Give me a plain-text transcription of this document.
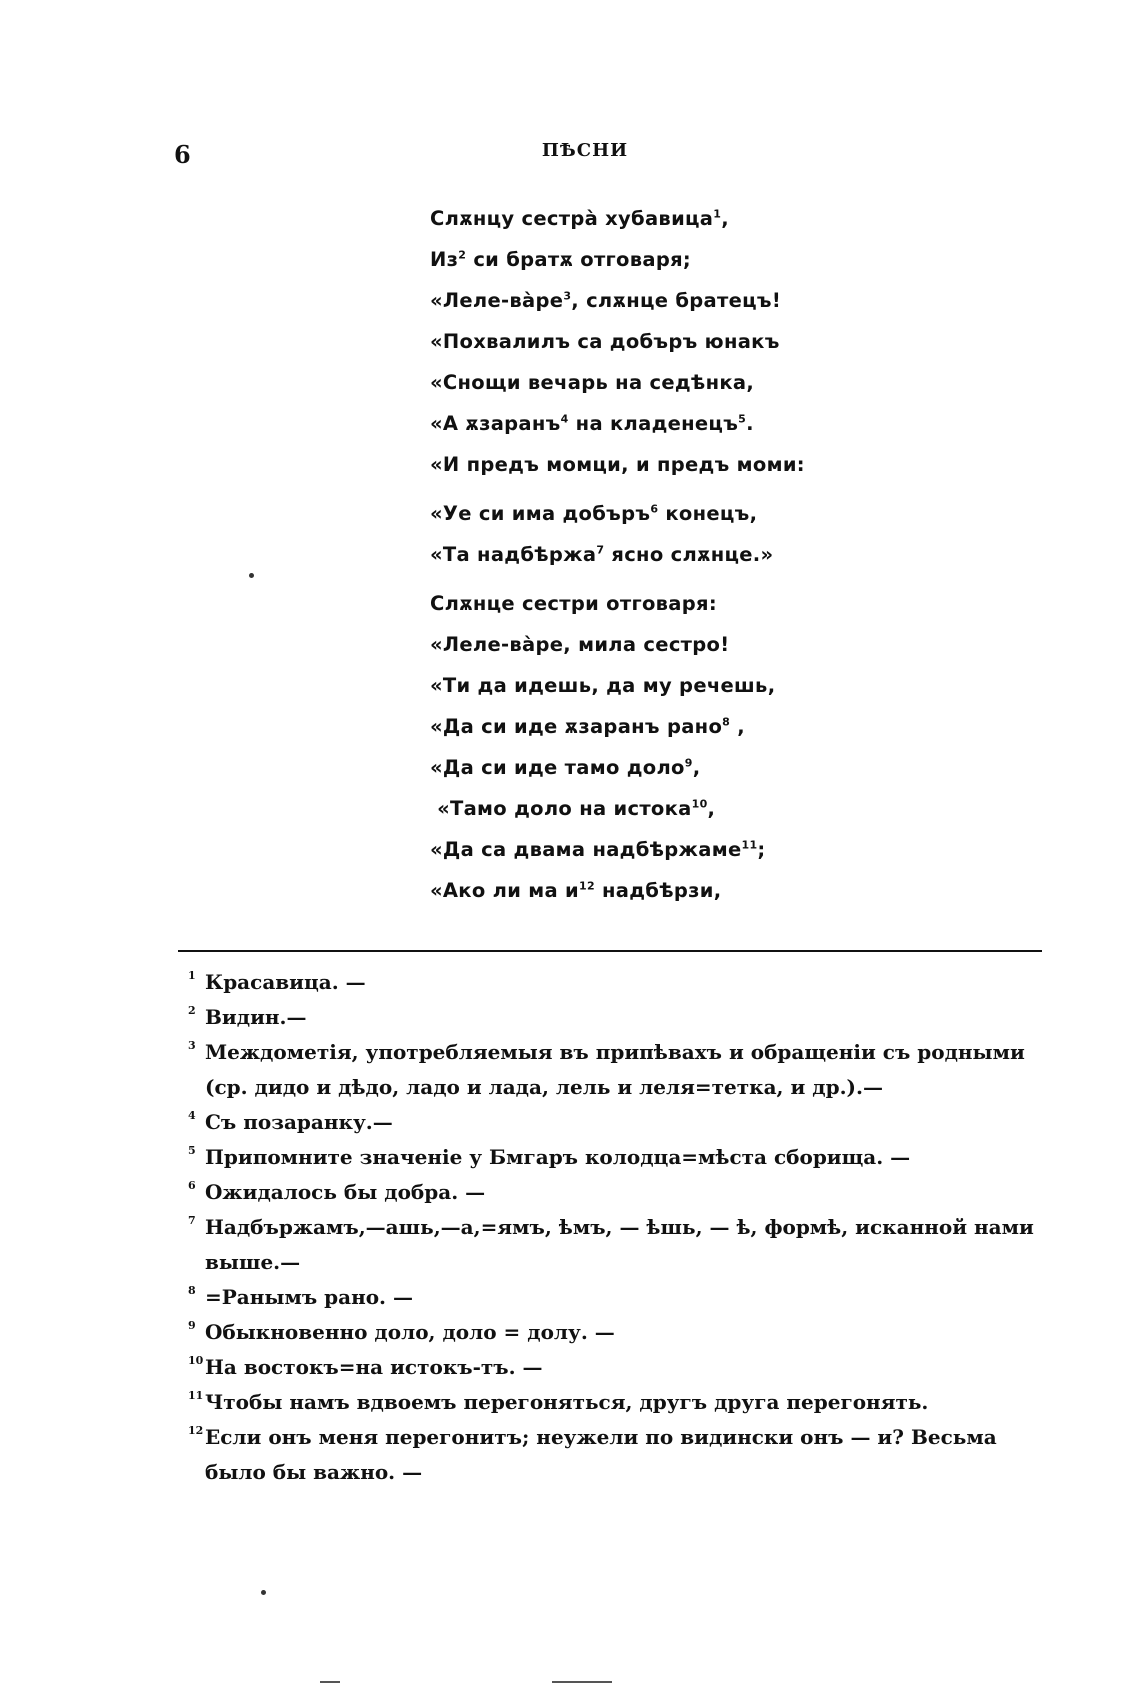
6	ПѢСНИ
Слѫнцу сестра̀ хубавица$^1$,
$Из^2$ си братѫ отговаря;
«$Леле-ва̀ре^3$, слѫнце братецъ!
«Похвалилъ са добъръ юнакъ
«Снощи вечарь на седѣнка,
«А ѫзаранъ$^4$ на кладенецъ$^5$.
«И предъ момци, и предъ моми:
«Уе си има добъръ$^6$ конецъ,
«Та надбѣржа$^7$ ясно слѫнце.»
Слѫнце сестри отговаря:
«Леле-ва̀ре, мила сестро!
«Ти да идешь, да му речешь,
«Да си иде ѫзаранъ рано$^8$ ,
«Да си иде тамо доло$^9$,
«Тамо доло на истока$^{10}$,
«Да са двама надбѣржаме$^{11}$;
«Ако ли ма $и^{12}$ надбѣрзи,
1 Красавица. —
2 Видин.—
3 Междометія, употребляемыя въ припѣвахъ и обращеніи съ родными (ср. дидо и дѣдо, ладо и лада, лель и леля=тетка, и др.).—
4 Съ позаранку.—
5 Припомните значеніе у Бмгаръ колодца=мѣста сборища. —
6 Ожидалось бы добра. —
7 Надбържамъ,—ашь,—а,=ямъ, ѣмъ, — ѣшь, — ѣ, формѣ, исканной нами выше.—
8 =Ранымъ рано. —
9 Обыкновенно доло, доло = долу. —
10 На востокъ=на истокъ-тъ. —
11 Чтобы намъ вдвоемъ перегоняться, другъ друга перегонять.
12 Если онъ меня перегонитъ; неужели по видински онъ — и? Весьма было бы важно. —
